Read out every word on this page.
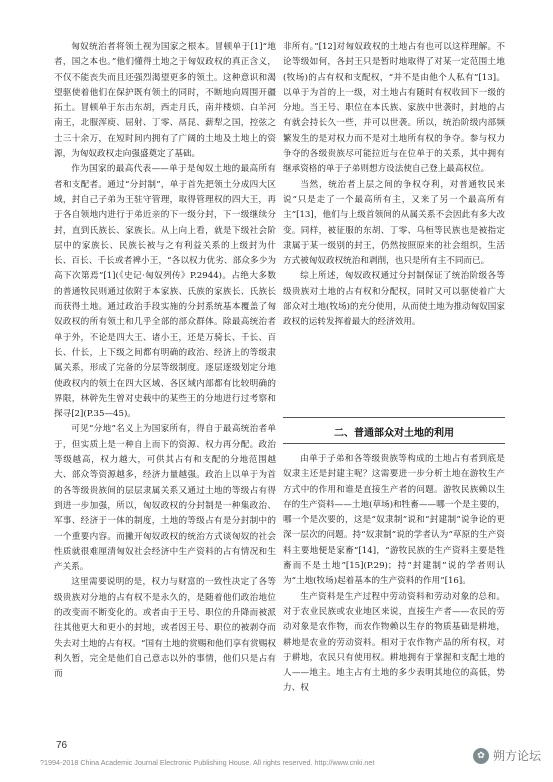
匈奴统治者将领土视为国家之根本。冒顿单于[1]“地者，国之本也。”他们懂得土地之于匈奴政权的真正含义，不仅不能丧失而且还强烈渴望更多的领土。这种意识和渴望驱使着他们在保护既有领土的同时，不断地向周围开疆拓土。冒顿单于东击东胡，西走月氏，南并楼烦、白羊河南王，北服浑庾、屈射、丁零、鬲昆、薪犁之国，控弦之士三十余万，在短时间内拥有了广阔的土地及土地上的资源，为匈奴政权走向强盛奠定了基础。

作为国家的最高代表——单于是匈奴土地的最高所有者和支配者。通过“分封制”，单于首先把领土分成四大区域，封自己子弟为王驻守管理，取得管理权的四大王，再于各自领地内进行于弟近亲的下一级分封，下一级继续分封，直到氏族长、家族长。从上向上看，就是下级社会阶层中的家族长、民族长被与之有利益关系的上级封为什长、百长、千长或者裨小王，“各以权力优劣、部众多少为高下次第焉”[1](《史记·匈奴列传》P.2944)。占绝大多数的普通牧民则通过依附于本家族、氏族的家族长、氏族长而获得土地。通过政治手段实施的分封系统基本覆盖了匈奴政权的所有领土和几乎全部的部众群体。除最高统治者单于外，不论是四大王、诸小王，还是万骑长、千长、百长、什长，上下级之间都有明确的政治、经济上的等级隶属关系，形成了完备的分层等级制度。逐层逐级划定分地使政权内的领土在四大区域、各区域内部都有比较明确的界限，林幹先生曾对史载中的某些王的分地进行过考察和探寻[2](P.35—45)。

可见“分地”名义上为国家所有，得自于最高统治者单于，但实质上是一种自上而下的资源、权力再分配。政治等级越高，权力越大，可供其占有和支配的分地范围越大、部众等资源越多，经济力量越强。政治上以单于为首的各等级贵族间的层层隶属关系又通过土地的等级占有得到进一步加强，所以，匈奴政权的分封制是一种集政治、军事、经济于一体的制度，土地的等级占有是分封制中的一个重要内容。而撇开匈奴政权的统治方式谈匈奴的社会性质就很难厘清匈奴社会经济中生产资料的占有情况和生产关系。

这里需要说明的是，权力与财富的一致性决定了各等级贵族对分地的占有权不是永久的，是随着他们政治地位的改变而不断变化的。或者由于王号、职位的升降而被派往其他更大和更小的封地，或者因王号、职位的被剥夺而失去对土地的占有权。“国有土地的赏赐和他们享有赏赐权利久暂，完全是他们自己意志以外的事情，他们只是占有而

非所有。”[12]对匈奴政权的土地占有也可以这样理解。不论等级如何，各封王只是暂时地取得了对某一定范围土地(牧场)的占有权和支配权，“并不是由他个人私有”[13]。以单于为首的上一级，对土地占有随时有权收回下一级的分地。当王号、职位在本氏族、家族中世袭时，封地的占有就会持长久一些，并可以世袭。所以，统治阶级内部频繁发生的是对权力而不是对土地所有权的争夺。参与权力争夺的各级贵族尽可能拉近与在位单于的关系，其中拥有继承资格的单于子弟则想方设法使自己登上最高权位。

当然，统治者上层之间的争权夺利，对普通牧民来说“只是走了一个最高所有主，又来了另一个最高所有主”[13]，他们与上级首领间的从属关系不会因此有多大改变。同样，被征服的东胡、丁零、乌桓等民族也是被指定隶属于某一级别的封王，仍然按照原来的社会组织，生活方式被匈奴政权统治和剥削，也只是所有主不同而已。

综上所述，匈奴政权通过分封制保证了统治阶级各等级贵族对土地的占有权和分配权，同时又可以驱使着广大部众对土地(牧场)的充分使用，从而使土地为推动匈奴国家政权的运转发挥着最大的经济效用。

二、普通部众对土地的利用

由单于子弟和各等级贵族等构成的土地占有者到底是奴隶主还是封建主呢？这需要进一步分析土地在游牧生产方式中的作用和谁是直接生产者的问题。游牧民族赖以生存的生产资料——土地(草场)和牲畜——哪一个是主要的，哪一个是次要的，这是“奴隶制”说和“封建制”说争论的更深一层次的问题。持“奴隶制”说的学者认为“草原的生产资料主要地便是家畜”[14]，“游牧民族的生产资料主要是牲畜而不是土地”[15](P.29)；持“封建制”说的学者则认为“土地(牧场)起着基本的生产资料的作用”[16]。

生产资料是生产过程中劳动资料和劳动对象的总和。对于农业民族或农业地区来说，直接生产者——农民的劳动对象是农作物，而农作物赖以生存的物质基础是耕地，耕地是农业的劳动资料。相对于农作物产品的所有权，对于耕地，农民只有使用权。耕地拥有于掌握和支配土地的人——地主。地主占有土地的多少表明其地位的高低，势力、权

76
?1994-2018 China Academic Journal Electronic Publishing House. All rights reserved. http://www.cnki.net
✿ 朔方论坛
